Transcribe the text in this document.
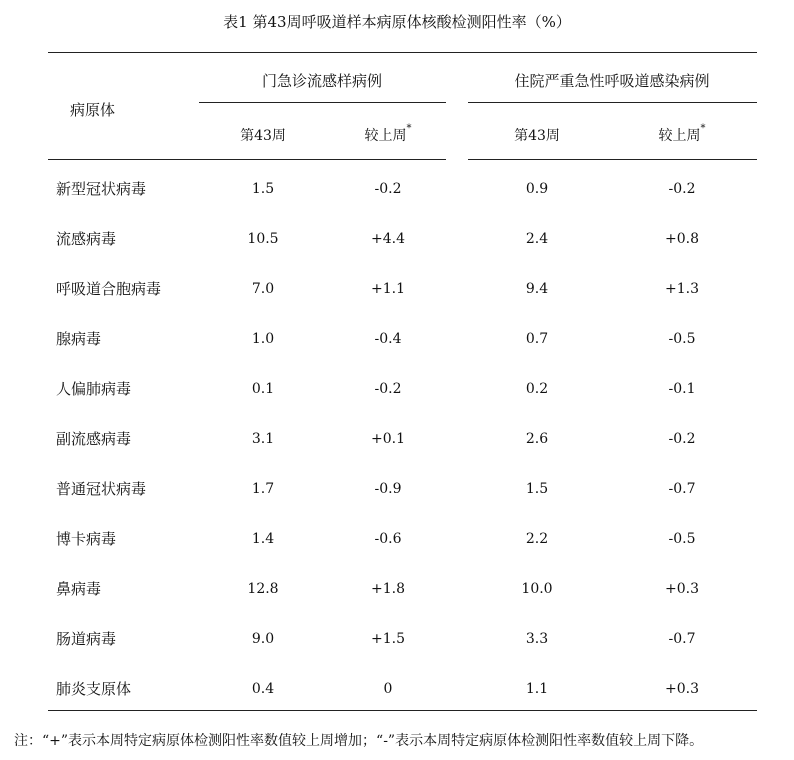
表1 第43周呼吸道样本病原体核酸检测阳性率（%）
病原体
门急诊流感样病例	住院严重急性呼吸道感染病例
第43周	较上周*	第43周	较上周*
新型冠状病毒	1.5	-0.2	0.9	-0.2
流感病毒	10.5	+4.4	2.4	+0.8
呼吸道合胞病毒	7.0	+1.1	9.4	+1.3
腺病毒	1.0	-0.4	0.7	-0.5
人偏肺病毒	0.1	-0.2	0.2	-0.1
副流感病毒	3.1	+0.1	2.6	-0.2
普通冠状病毒	1.7	-0.9	1.5	-0.7
博卡病毒	1.4	-0.6	2.2	-0.5
鼻病毒	12.8	+1.8	10.0	+0.3
肠道病毒	9.0	+1.5	3.3	-0.7
肺炎支原体	0.4	0	1.1	+0.3
注：“+”表示本周特定病原体检测阳性率数值较上周增加；“-”表示本周特定病原体检测阳性率数值较上周下降。
